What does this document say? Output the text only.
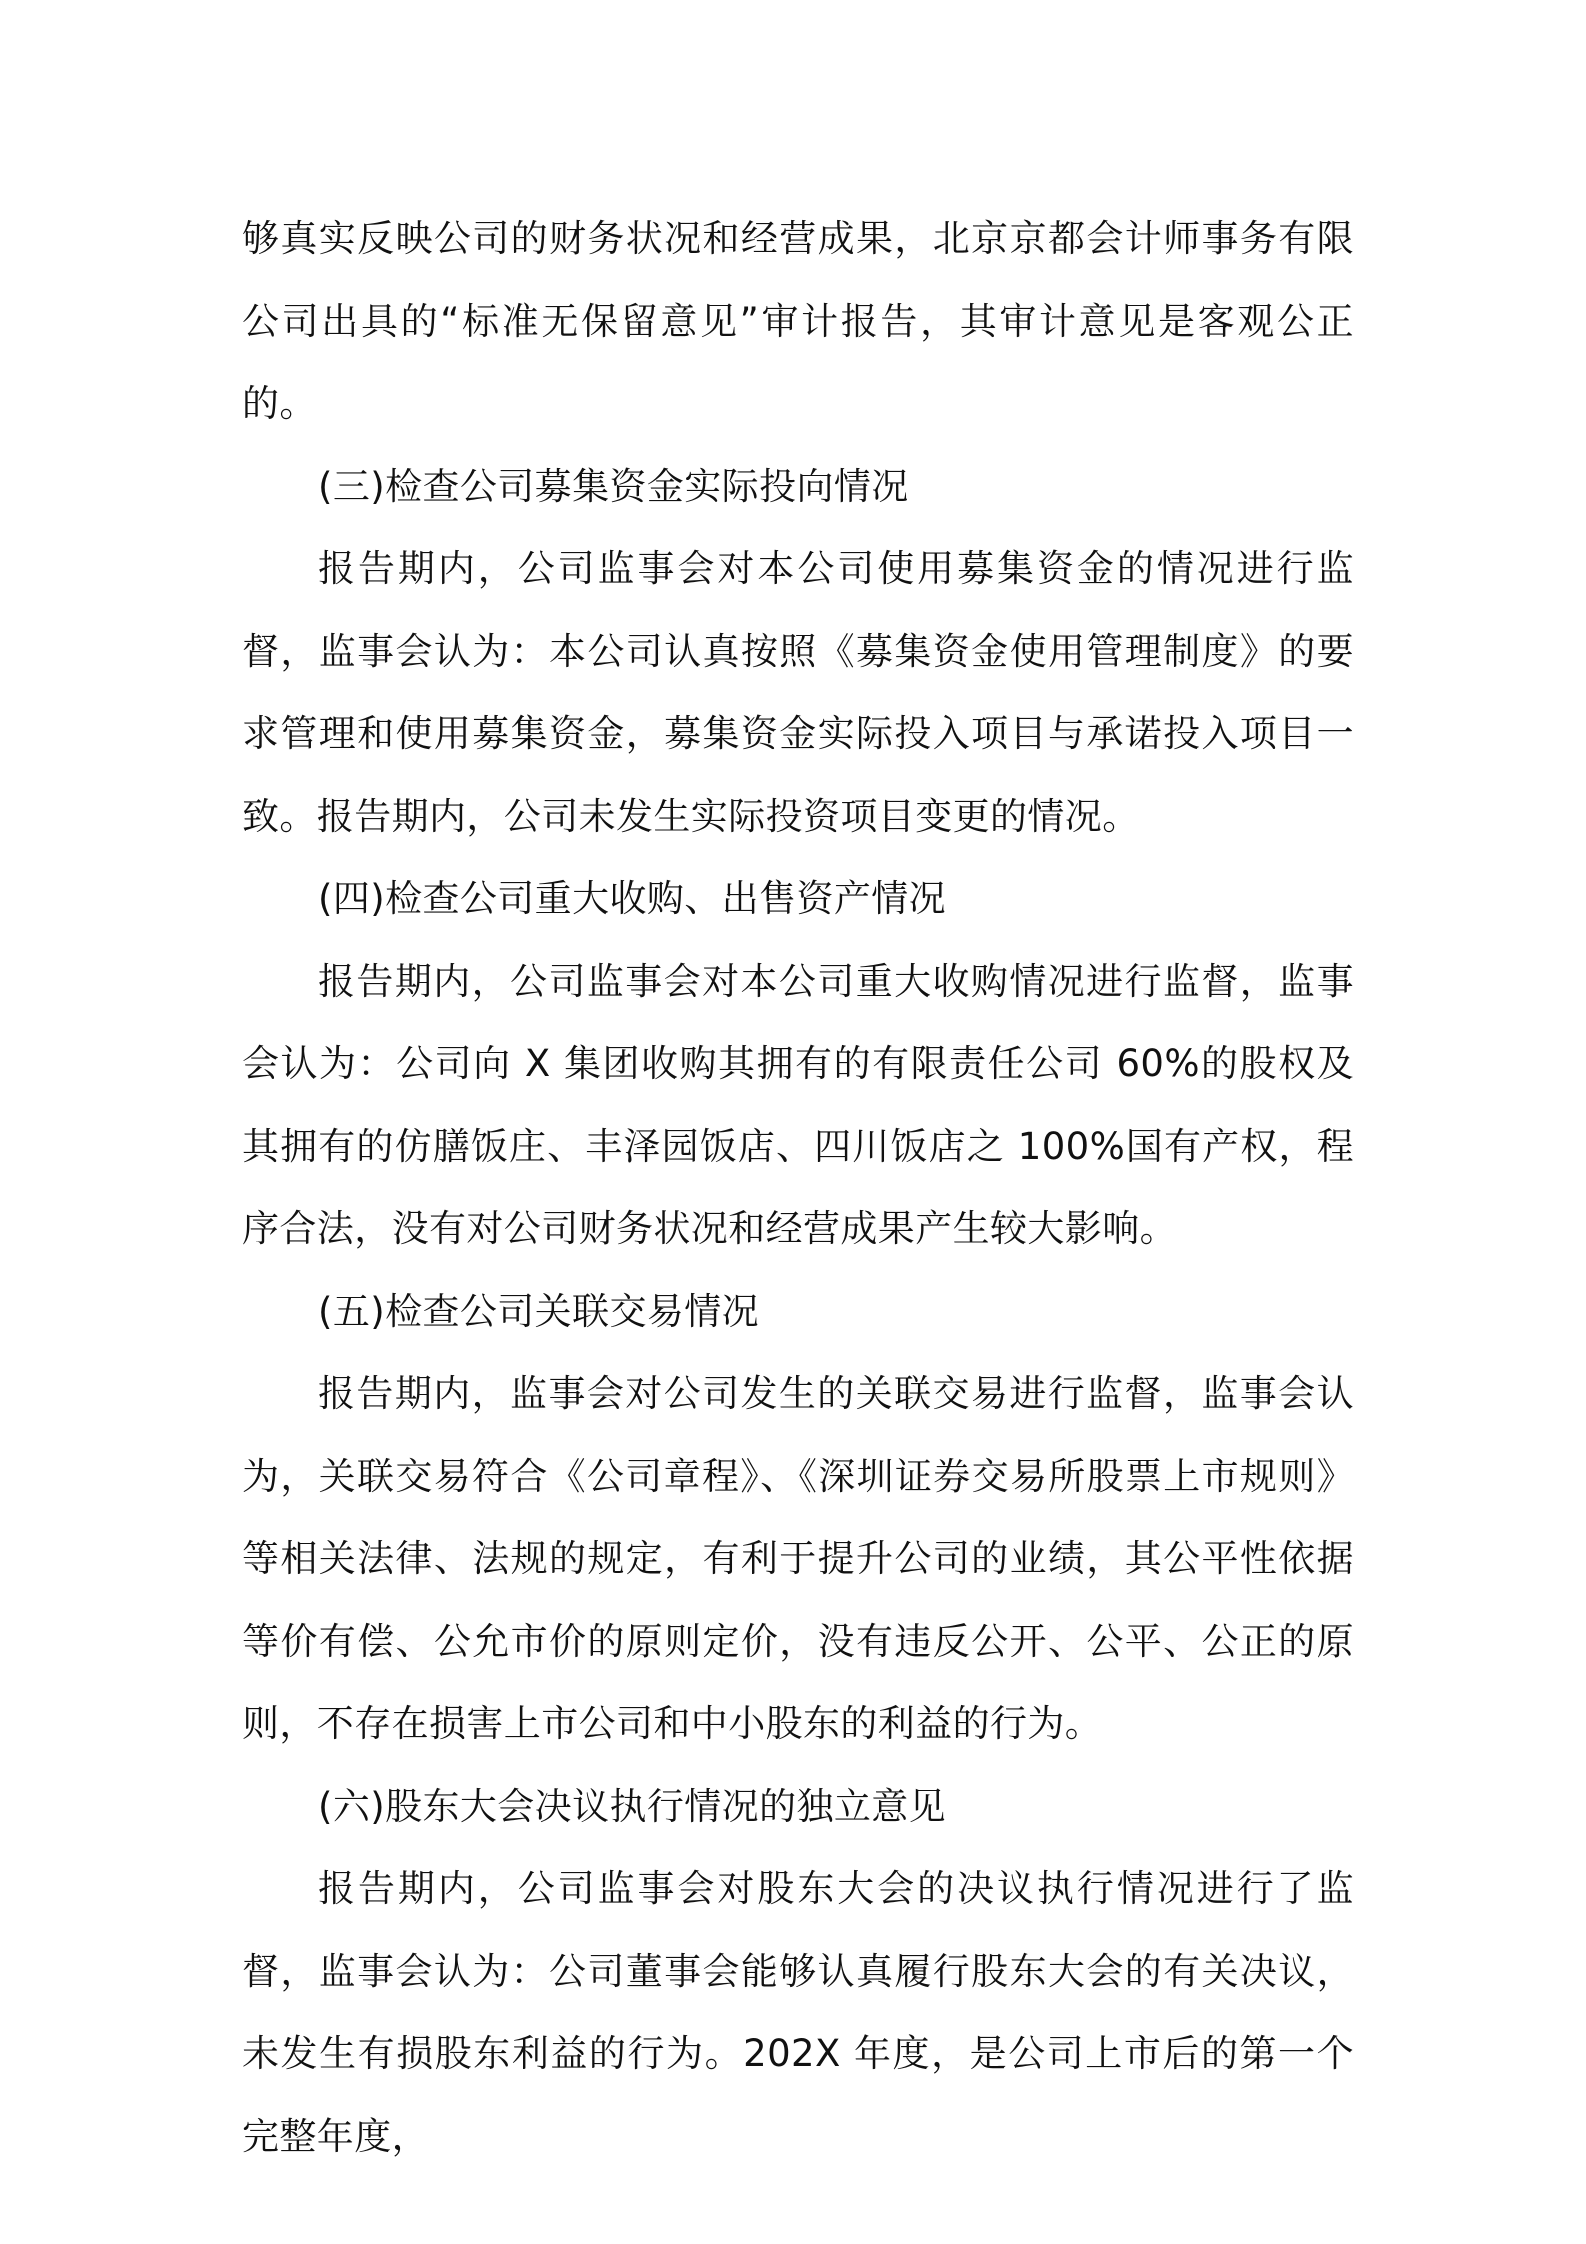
够真实反映公司的财务状况和经营成果，北京京都会计师事务有限公司出具的“标准无保留意见”审计报告，其审计意见是客观公正的。

(三)检查公司募集资金实际投向情况

报告期内，公司监事会对本公司使用募集资金的情况进行监督，监事会认为：本公司认真按照《募集资金使用管理制度》的要求管理和使用募集资金，募集资金实际投入项目与承诺投入项目一致。报告期内，公司未发生实际投资项目变更的情况。

(四)检查公司重大收购、出售资产情况

报告期内，公司监事会对本公司重大收购情况进行监督，监事会认为：公司向 X 集团收购其拥有的有限责任公司 60%的股权及其拥有的仿膳饭庄、丰泽园饭店、四川饭店之 100%国有产权，程序合法，没有对公司财务状况和经营成果产生较大影响。

(五)检查公司关联交易情况

报告期内，监事会对公司发生的关联交易进行监督，监事会认为，关联交易符合《公司章程》、《深圳证券交易所股票上市规则》等相关法律、法规的规定，有利于提升公司的业绩，其公平性依据等价有偿、公允市价的原则定价，没有违反公开、公平、公正的原则，不存在损害上市公司和中小股东的利益的行为。

(六)股东大会决议执行情况的独立意见

报告期内，公司监事会对股东大会的决议执行情况进行了监督，监事会认为：公司董事会能够认真履行股东大会的有关决议，未发生有损股东利益的行为。202X 年度，是公司上市后的第一个完整年度，
